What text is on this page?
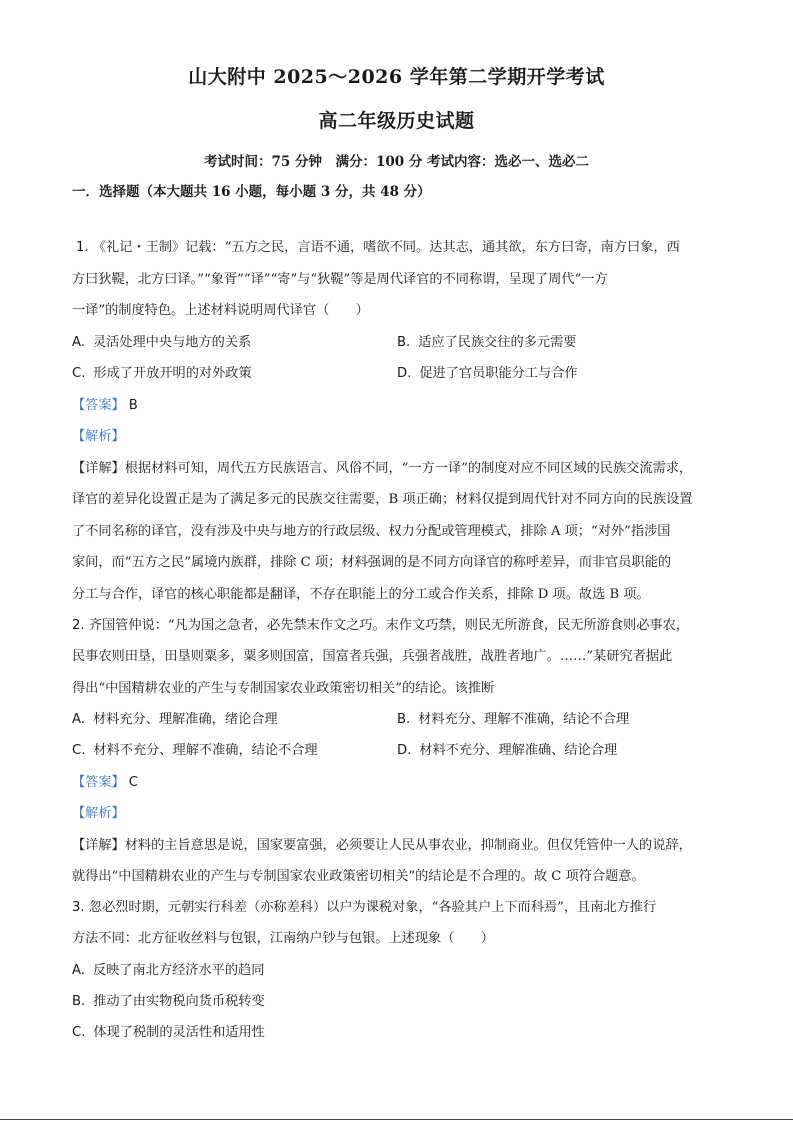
山大附中 2025～2026 学年第二学期开学考试
高二年级历史试题
考试时间：75 分钟　满分：100 分 考试内容：选必一、选必二
一．选择题（本大题共 16 小题，每小题 3 分，共 48 分）
1. 《礼记・王制》记载：“五方之民，言语不通，嗜欲不同。达其志，通其欲，东方曰寄，南方曰象，西
方曰狄鞮，北方曰译。”“象胥”“译”“寄”与“狄鞮”等是周代译官的不同称谓，呈现了周代“一方
一译”的制度特色。上述材料说明周代译官（　　）
A. 灵活处理中央与地方的关系	B. 适应了民族交往的多元需要
C. 形成了开放开明的对外政策	D. 促进了官员职能分工与合作
【答案】 B
【解析】
【详解】根据材料可知，周代五方民族语言、风俗不同，“一方一译”的制度对应不同区域的民族交流需求，
译官的差异化设置正是为了满足多元的民族交往需要，B 项正确；材料仅提到周代针对不同方向的民族设置
了不同名称的译官，没有涉及中央与地方的行政层级、权力分配或管理模式，排除 A 项；“对外”指涉国
家间，而“五方之民”属境内族群，排除 C 项；材料强调的是不同方向译官的称呼差异，而非官员职能的
分工与合作，译官的核心职能都是翻译，不存在职能上的分工或合作关系，排除 D 项。故选 B 项。
2. 齐国管仲说：“凡为国之急者，必先禁末作文之巧。末作文巧禁，则民无所游食，民无所游食则必事农，
民事农则田垦，田垦则粟多，粟多则国富，国富者兵强，兵强者战胜，战胜者地广。……”某研究者据此
得出“中国精耕农业的产生与专制国家农业政策密切相关”的结论。该推断
A. 材料充分、理解准确，绪论合理	B. 材料充分、理解不准确，结论不合理
C. 材料不充分、理解不准确，结论不合理	D. 材料不充分、理解准确、结论合理
【答案】 C
【解析】
【详解】材料的主旨意思是说，国家要富强，必须要让人民从事农业，抑制商业。但仅凭管仲一人的说辞，
就得出“中国精耕农业的产生与专制国家农业政策密切相关”的结论是不合理的。故 C 项符合题意。
3. 忽必烈时期，元朝实行科差（亦称差科）以户为课税对象，“各验其户上下而科焉”，且南北方推行
方法不同：北方征收丝料与包银，江南纳户钞与包银。上述现象（　　）
A. 反映了南北方经济水平的趋同
B. 推动了由实物税向货币税转变
C. 体现了税制的灵活性和适用性
